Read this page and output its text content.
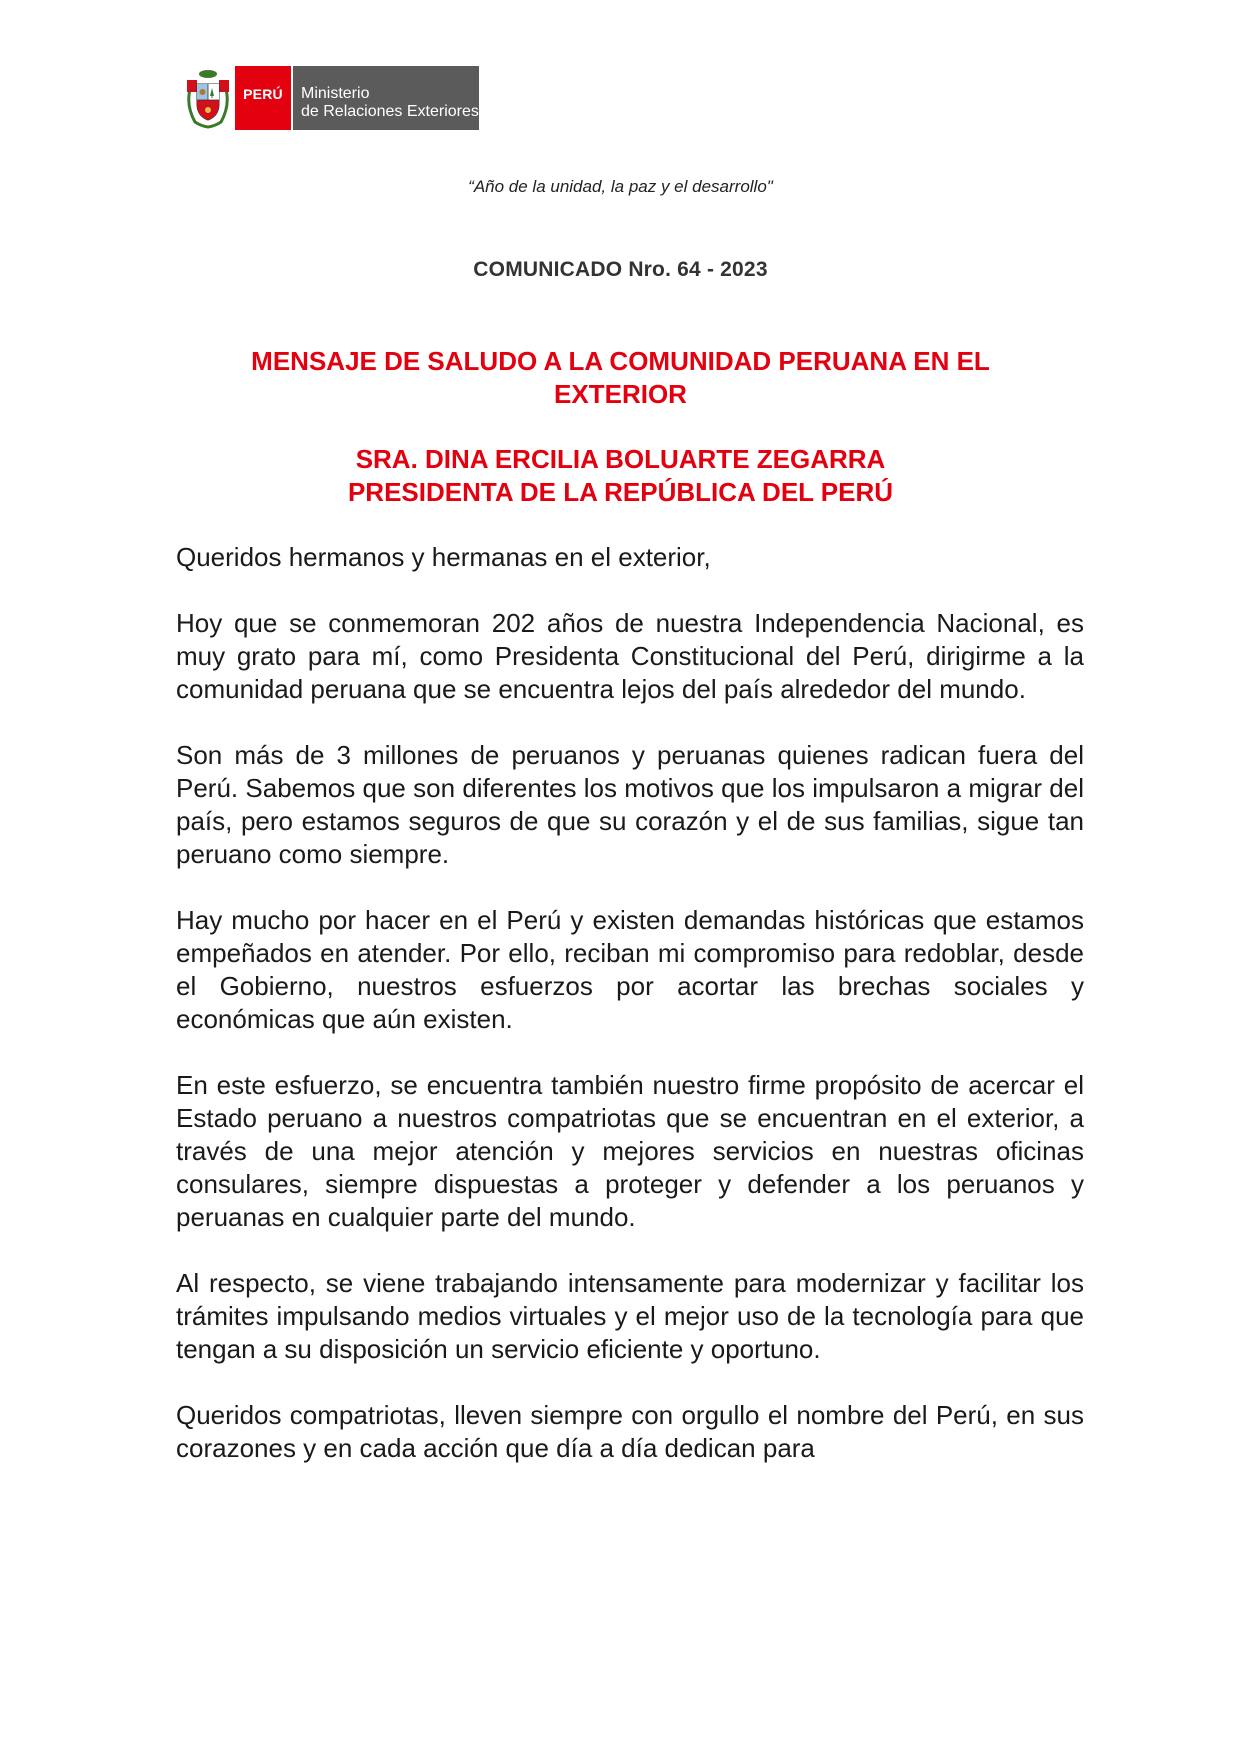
PERÚ Ministerio
de Relaciones Exteriores
“Año de la unidad, la paz y el desarrollo"
COMUNICADO Nro. 64 - 2023
MENSAJE DE SALUDO A LA COMUNIDAD PERUANA EN EL
EXTERIOR
SRA. DINA ERCILIA BOLUARTE ZEGARRA
PRESIDENTA DE LA REPÚBLICA DEL PERÚ

Queridos hermanos y hermanas en el exterior,

Hoy que se conmemoran 202 años de nuestra Independencia Nacional, es muy grato para mí, como Presidenta Constitucional del Perú, dirigirme a la comunidad peruana que se encuentra lejos del país alrededor del mundo.

Son más de 3 millones de peruanos y peruanas quienes radican fuera del Perú. Sabemos que son diferentes los motivos que los impulsaron a migrar del país, pero estamos seguros de que su corazón y el de sus familias, sigue tan peruano como siempre.

Hay mucho por hacer en el Perú y existen demandas históricas que estamos empeñados en atender. Por ello, reciban mi compromiso para redoblar, desde el Gobierno, nuestros esfuerzos por acortar las brechas sociales y económicas que aún existen.

En este esfuerzo, se encuentra también nuestro firme propósito de acercar el Estado peruano a nuestros compatriotas que se encuentran en el exterior, a través de una mejor atención y mejores servicios en nuestras oficinas consulares, siempre dispuestas a proteger y defender a los peruanos y peruanas en cualquier parte del mundo.

Al respecto, se viene trabajando intensamente para modernizar y facilitar los trámites impulsando medios virtuales y el mejor uso de la tecnología para que tengan a su disposición un servicio eficiente y oportuno.

Queridos compatriotas, lleven siempre con orgullo el nombre del Perú, en sus corazones y en cada acción que día a día dedican para
